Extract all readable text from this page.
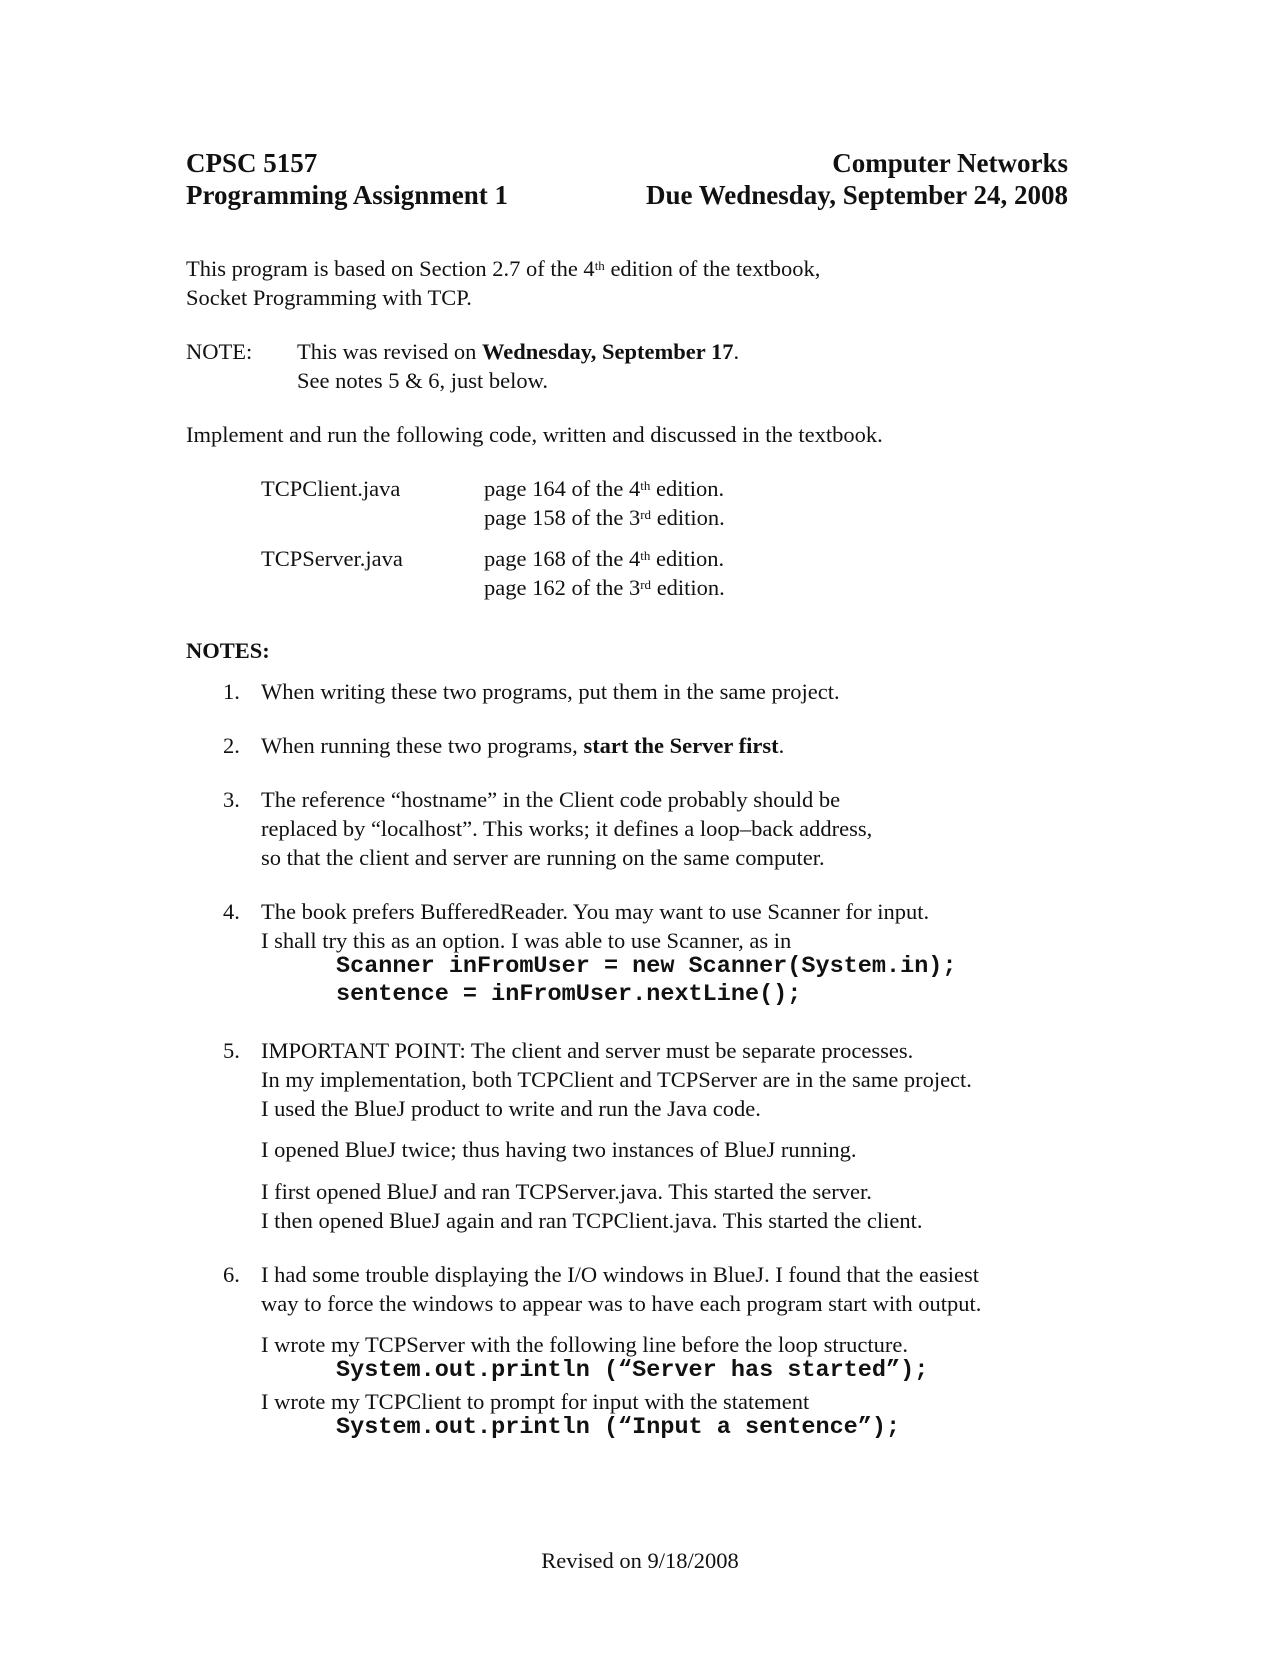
CPSC 5157	Computer Networks
Programming Assignment 1	Due Wednesday, September 24, 2008
This program is based on Section 2.7 of the 4th edition of the textbook,
Socket Programming with TCP.
NOTE: This was revised on Wednesday, September 17.
See notes 5 & 6, just below.
Implement and run the following code, written and discussed in the textbook.
TCPClient.java	page 164 of the 4th edition.
page 158 of the 3rd edition.
TCPServer.java	page 168 of the 4th edition.
page 162 of the 3rd edition.
NOTES:
1. When writing these two programs, put them in the same project.
2. When running these two programs, start the Server first.
3. The reference “hostname” in the Client code probably should be
replaced by “localhost”. This works; it defines a loop–back address,
so that the client and server are running on the same computer.
4. The book prefers BufferedReader. You may want to use Scanner for input.
I shall try this as an option. I was able to use Scanner, as in
Scanner inFromUser = new Scanner(System.in);
sentence = inFromUser.nextLine();
5. IMPORTANT POINT: The client and server must be separate processes.
In my implementation, both TCPClient and TCPServer are in the same project.
I used the BlueJ product to write and run the Java code.
I opened BlueJ twice; thus having two instances of BlueJ running.
I first opened BlueJ and ran TCPServer.java. This started the server.
I then opened BlueJ again and ran TCPClient.java. This started the client.
6. I had some trouble displaying the I/O windows in BlueJ. I found that the easiest
way to force the windows to appear was to have each program start with output.
I wrote my TCPServer with the following line before the loop structure.
System.out.println (“Server has started”);
I wrote my TCPClient to prompt for input with the statement
System.out.println (“Input a sentence”);
Revised on 9/18/2008
